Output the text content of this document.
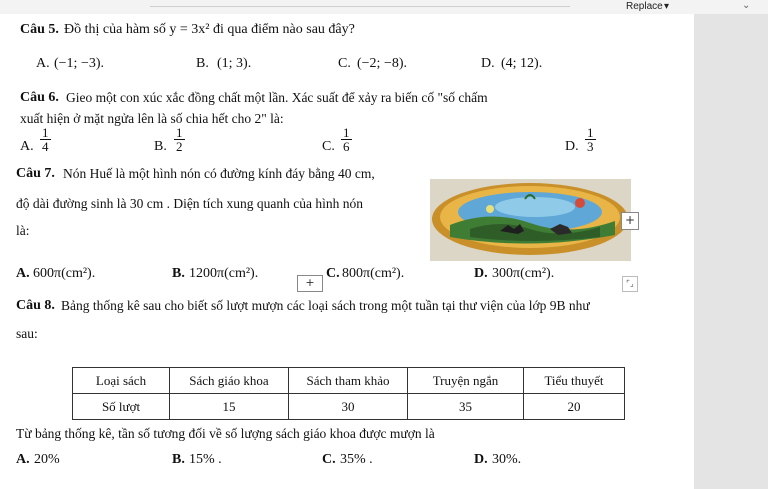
Replace ▾	⌄
Câu 5. Đồ thị của hàm số y = 3x² đi qua điểm nào sau đây?
A. (−1; −3).	B. (1; 3).	C. (−2; −8).	D. (4; 12).
Câu 6. Gieo một con xúc xắc đồng chất một lần. Xác suất để xảy ra biến cố "số chấm
xuất hiện ở mặt ngửa lên là số chia hết cho 2" là:
A. $\frac{1}{4}$	B. $\frac{1}{2}$	C. $\frac{1}{6}$	D. $\frac{1}{3}$
Câu 7. Nón Huế là một hình nón có đường kính đáy bằng 40 cm,
độ dài đường sinh là 30 cm . Diện tích xung quanh của hình nón
là:
+
A. 600π(cm²).	B. 1200π(cm²).
+
C. 800π(cm²).	D. 300π(cm²).
⌜⌟
Câu 8. Bảng thống kê sau cho biết số lượt mượn các loại sách trong một tuần tại thư viện của lớp 9B như
sau:
Loại sách	Sách giáo khoa	Sách tham khảo	Truyện ngắn	Tiểu thuyết
Số lượt	15	30	35	20
Từ bảng thống kê, tần số tương đối về số lượng sách giáo khoa được mượn là
A. 20%	B. 15% .	C. 35% .	D. 30%.
